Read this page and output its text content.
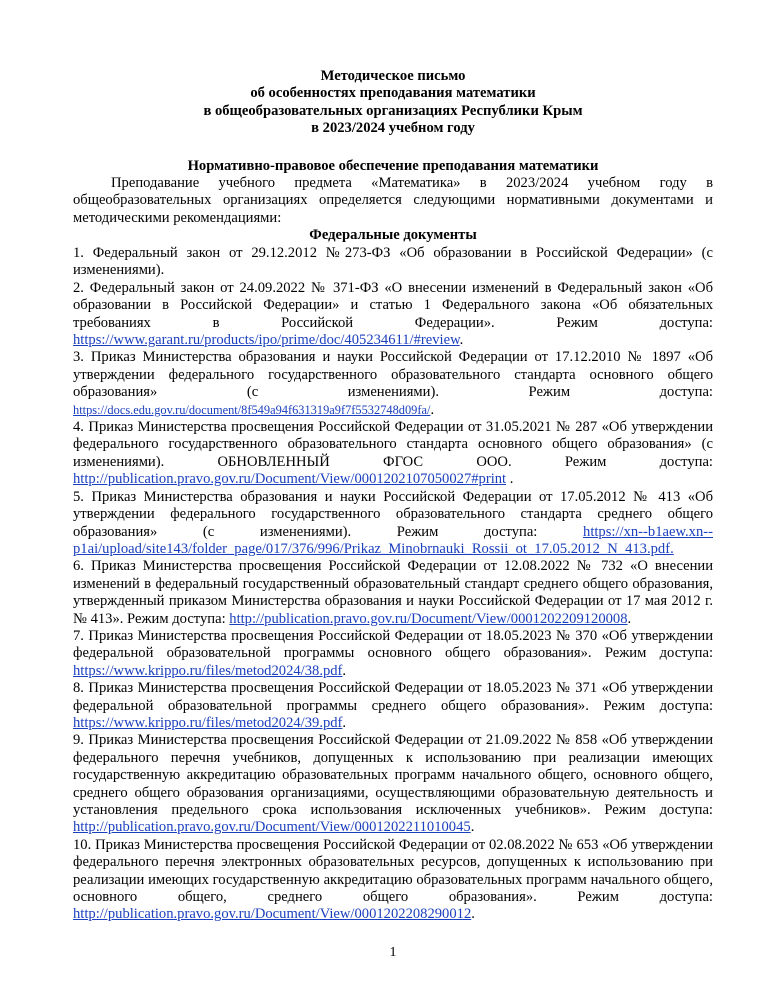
Методическое письмо
об особенностях преподавания математики
в общеобразовательных организациях Республики Крым
в 2023/2024 учебном году
Нормативно-правовое обеспечение преподавания математики

Преподавание учебного предмета «Математика» в 2023/2024 учебном году в общеобразовательных организациях определяется следующими нормативными документами и методическими рекомендациями:

Федеральные документы

1. Федеральный закон от 29.12.2012 №273-ФЗ «Об образовании в Российской Федерации» (с изменениями).

2. Федеральный закон от 24.09.2022 № 371-ФЗ «О внесении изменений в Федеральный закон «Об образовании в Российской Федерации» и статью 1 Федерального закона «Об обязательных требованиях в Российской Федерации». Режим доступа: https://www.garant.ru/products/ipo/prime/doc/405234611/#review.

3. Приказ Министерства образования и науки Российской Федерации от 17.12.2010 № 1897 «Об утверждении федерального государственного образовательного стандарта основного общего образования» (с изменениями). Режим доступа: https://docs.edu.gov.ru/document/8f549a94f631319a9f7f5532748d09fa/.

4. Приказ Министерства просвещения Российской Федерации от 31.05.2021 № 287 «Об утверждении федерального государственного образовательного стандарта основного общего образования» (с изменениями). ОБНОВЛЕННЫЙ ФГОС ООО. Режим доступа: http://publication.pravo.gov.ru/Document/View/0001202107050027#print .

5. Приказ Министерства образования и науки Российской Федерации от 17.05.2012 № 413 «Об утверждении федерального государственного образовательного стандарта среднего общего образования» (с изменениями). Режим доступа:	https://xn--b1aew.xn--p1ai/upload/site143/folder_page/017/376/996/Prikaz_Minobrnauki_Rossii_ot_17.05.2012_N_413.pdf.

6. Приказ Министерства просвещения Российской Федерации от 12.08.2022 № 732 «О внесении изменений в федеральный государственный образовательный стандарт среднего общего образования, утвержденный приказом Министерства образования и науки Российской Федерации от 17 мая 2012 г. № 413». Режим доступа: http://publication.pravo.gov.ru/Document/View/0001202209120008.

7. Приказ Министерства просвещения Российской Федерации от 18.05.2023 № 370 «Об утверждении федеральной образовательной программы основного общего образования». Режим доступа: https://www.krippo.ru/files/metod2024/38.pdf.

8. Приказ Министерства просвещения Российской Федерации от 18.05.2023 № 371 «Об утверждении федеральной образовательной программы среднего общего образования». Режим доступа: https://www.krippo.ru/files/metod2024/39.pdf.

9. Приказ Министерства просвещения Российской Федерации от 21.09.2022 № 858 «Об утверждении федерального перечня учебников, допущенных к использованию при реализации имеющих государственную аккредитацию образовательных программ начального общего, основного общего, среднего общего образования организациями, осуществляющими образовательную деятельность и установления предельного срока использования исключенных учебников». Режим доступа: http://publication.pravo.gov.ru/Document/View/0001202211010045.

10. Приказ Министерства просвещения Российской Федерации от 02.08.2022 № 653 «Об утверждении федерального перечня электронных образовательных ресурсов, допущенных к использованию при реализации имеющих государственную аккредитацию образовательных программ начального общего, основного общего, среднего общего образования». Режим доступа: http://publication.pravo.gov.ru/Document/View/0001202208290012.

1
